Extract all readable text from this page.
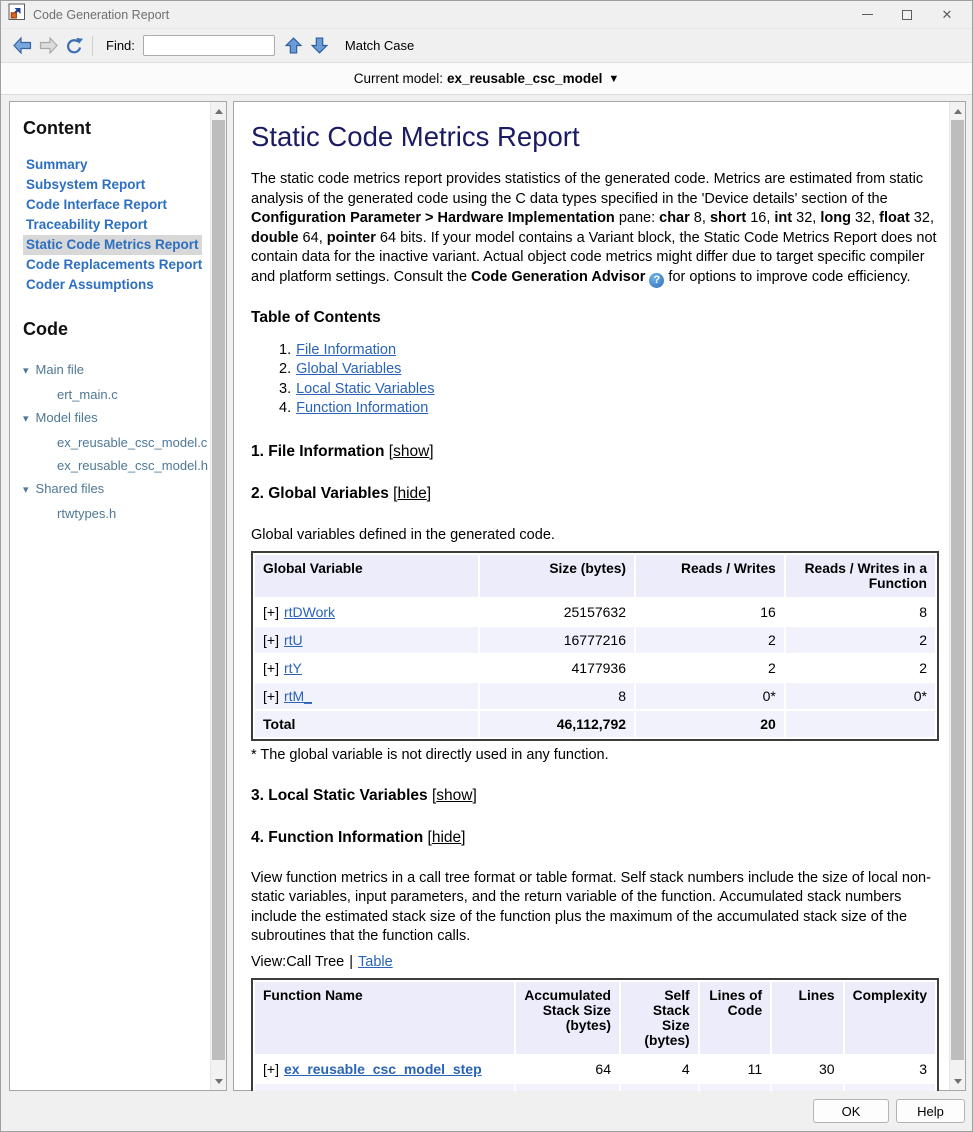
Code Generation Report	✕
Find:	Match Case
Current model: ex_reusable_csc_model ▼
Content
Summary
Subsystem Report
Code Interface Report
Traceability Report
Static Code Metrics Report
Code Replacements Report
Coder Assumptions
Code
▾ Main file
ert_main.c
▾ Model files
ex_reusable_csc_model.c
ex_reusable_csc_model.h
▾ Shared files
rtwtypes.h
Static Code Metrics Report

The static code metrics report provides statistics of the generated code. Metrics are estimated from static analysis of the generated code using the C data types specified in the 'Device details' section of the Configuration Parameter > Hardware Implementation pane: char 8, short 16, int 32, long 32, float 32, double 64, pointer 64 bits. If your model contains a Variant block, the Static Code Metrics Report does not contain data for the inactive variant. Actual object code metrics might differ due to target specific compiler and platform settings. Consult the Code Generation Advisor ? for options to improve code efficiency.

Table of Contents
1. File Information
2. Global Variables
3. Local Static Variables
4. Function Information
1. File Information [show]
2. Global Variables [hide]
Global variables defined in the generated code.
Global Variable	Size (bytes)	Reads / Writes	Reads / Writes in a Function
[+] rtDWork	25157632	16	8
[+] rtU	16777216	2	2
[+] rtY	4177936	2	2
[+] rtM_	8	0*	0*
Total	46,112,792	20	
* The global variable is not directly used in any function.
3. Local Static Variables [show]
4. Function Information [hide]

View function metrics in a call tree format or table format. Self stack numbers include the size of local non-static variables, input parameters, and the return variable of the function. Accumulated stack numbers include the estimated stack size of the function plus the maximum of the accumulated stack size of the subroutines that the function calls.

View:Call Tree | Table
Function Name	Accumulated Stack Size (bytes)	Self Stack Size (bytes)	Lines of Code	Lines	Complexity
[+] ex_reusable_csc_model_step	64	4	11	30	3

OK	Help
